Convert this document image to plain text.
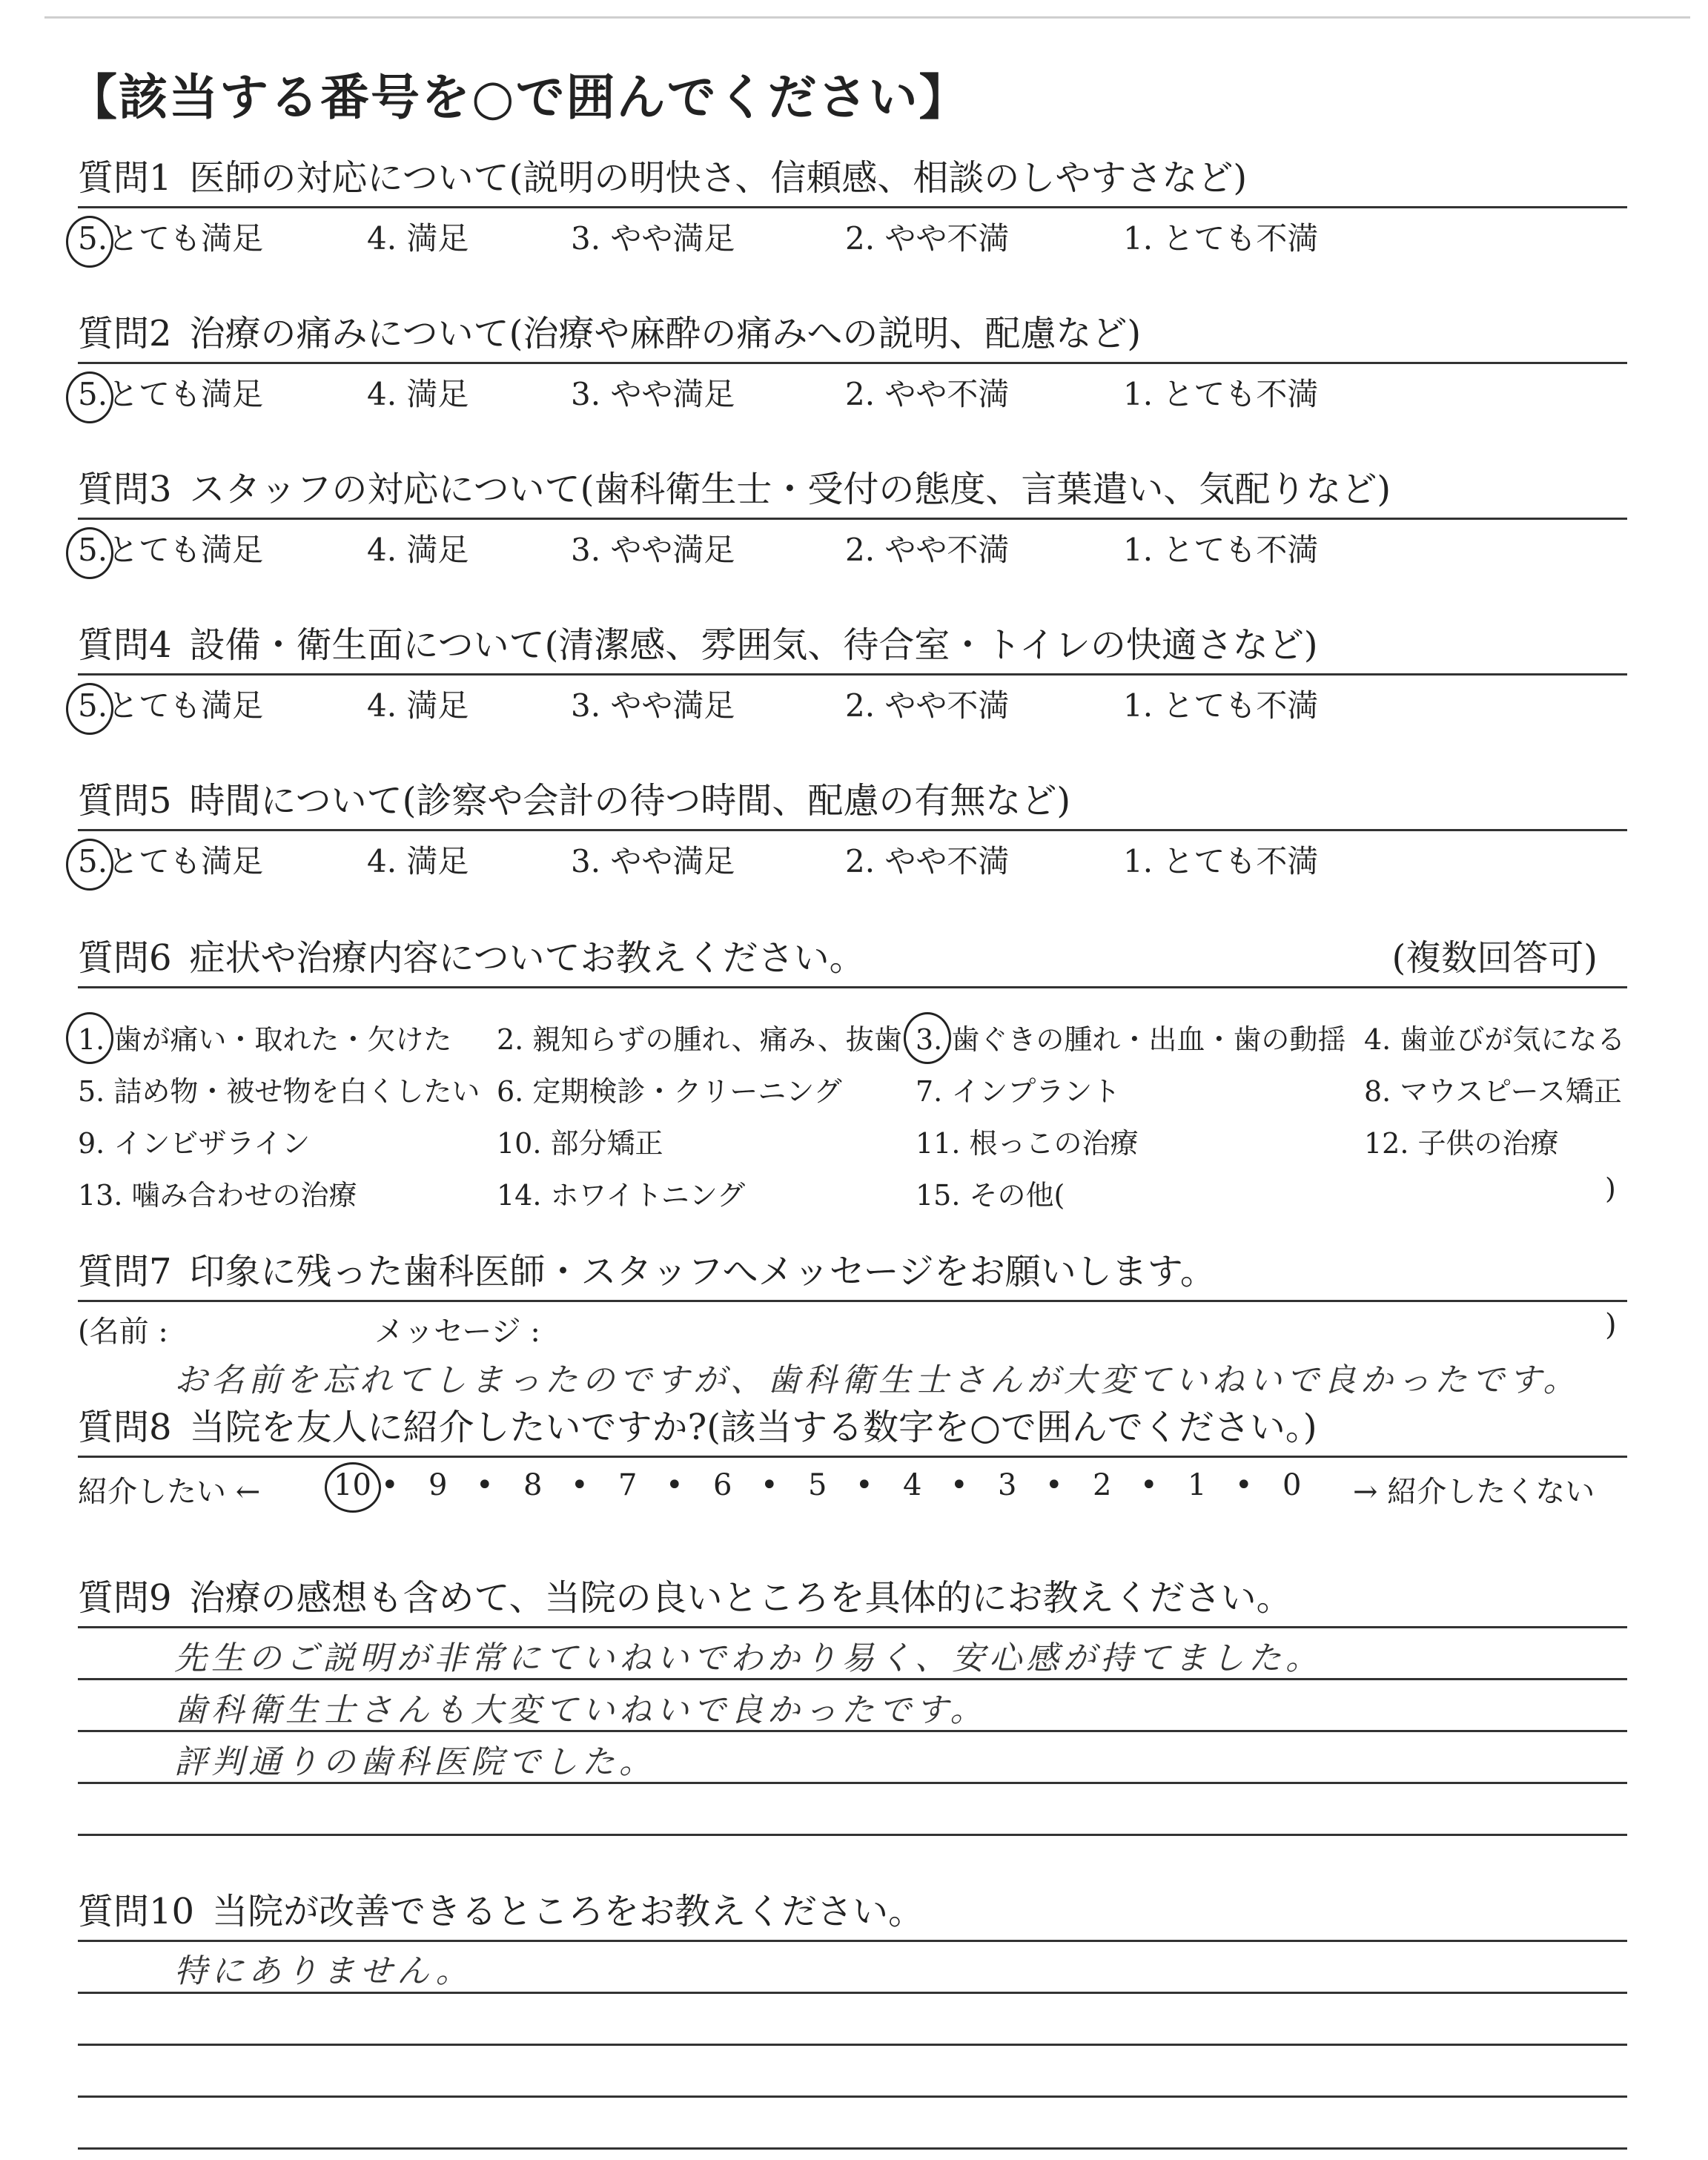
【該当する番号を○で囲んでください】
質問1 医師の対応について(説明の明快さ、信頼感、相談のしやすさなど)
5.とても満足	4. 満足	3. やや満足	2. やや不満	1. とても不満
質問2 治療の痛みについて(治療や麻酔の痛みへの説明、配慮など)
5.とても満足	4. 満足	3. やや満足	2. やや不満	1. とても不満
質問3 スタッフの対応について(歯科衛生士・受付の態度、言葉遣い、気配りなど)
5.とても満足	4. 満足	3. やや満足	2. やや不満	1. とても不満
質問4 設備・衛生面について(清潔感、雰囲気、待合室・トイレの快適さなど)
5.とても満足	4. 満足	3. やや満足	2. やや不満	1. とても不満
質問5 時間について(診察や会計の待つ時間、配慮の有無など)
5.とても満足	4. 満足	3. やや満足	2. やや不満	1. とても不満
質問6 症状や治療内容についてお教えください。	(複数回答可)
1. 歯が痛い・取れた・欠けた 2. 親知らずの腫れ、痛み、抜歯 3. 歯ぐきの腫れ・出血・歯の動揺 4. 歯並びが気になる
5. 詰め物・被せ物を白くしたい 6. 定期検診・クリーニング	7. インプラント	8. マウスピース矯正
9. インビザライン	10. 部分矯正	11. 根っこの治療	12. 子供の治療
13. 噛み合わせの治療	14. ホワイトニング	15. その他(	)
質問7 印象に残った歯科医師・スタッフへメッセージをお願いします。
(名前 :	メッセージ :	)
お名前を忘れてしまったのですが、歯科衛生士さんが大変ていねいで良かったです。
質問8 当院を友人に紹介したいですか?(該当する数字を○で囲んでください。)
紹介したい ←	→ 紹介したくない
10 • 9 • 8 • 7 • 6 • 5 • 4 • 3 • 2 • 1 • 0
質問9 治療の感想も含めて、当院の良いところを具体的にお教えください。
先生のご説明が非常にていねいでわかり易く、安心感が持てました。
歯科衛生士さんも大変ていねいで良かったです。
評判通りの歯科医院でした。
質問10 当院が改善できるところをお教えください。
特にありません。
